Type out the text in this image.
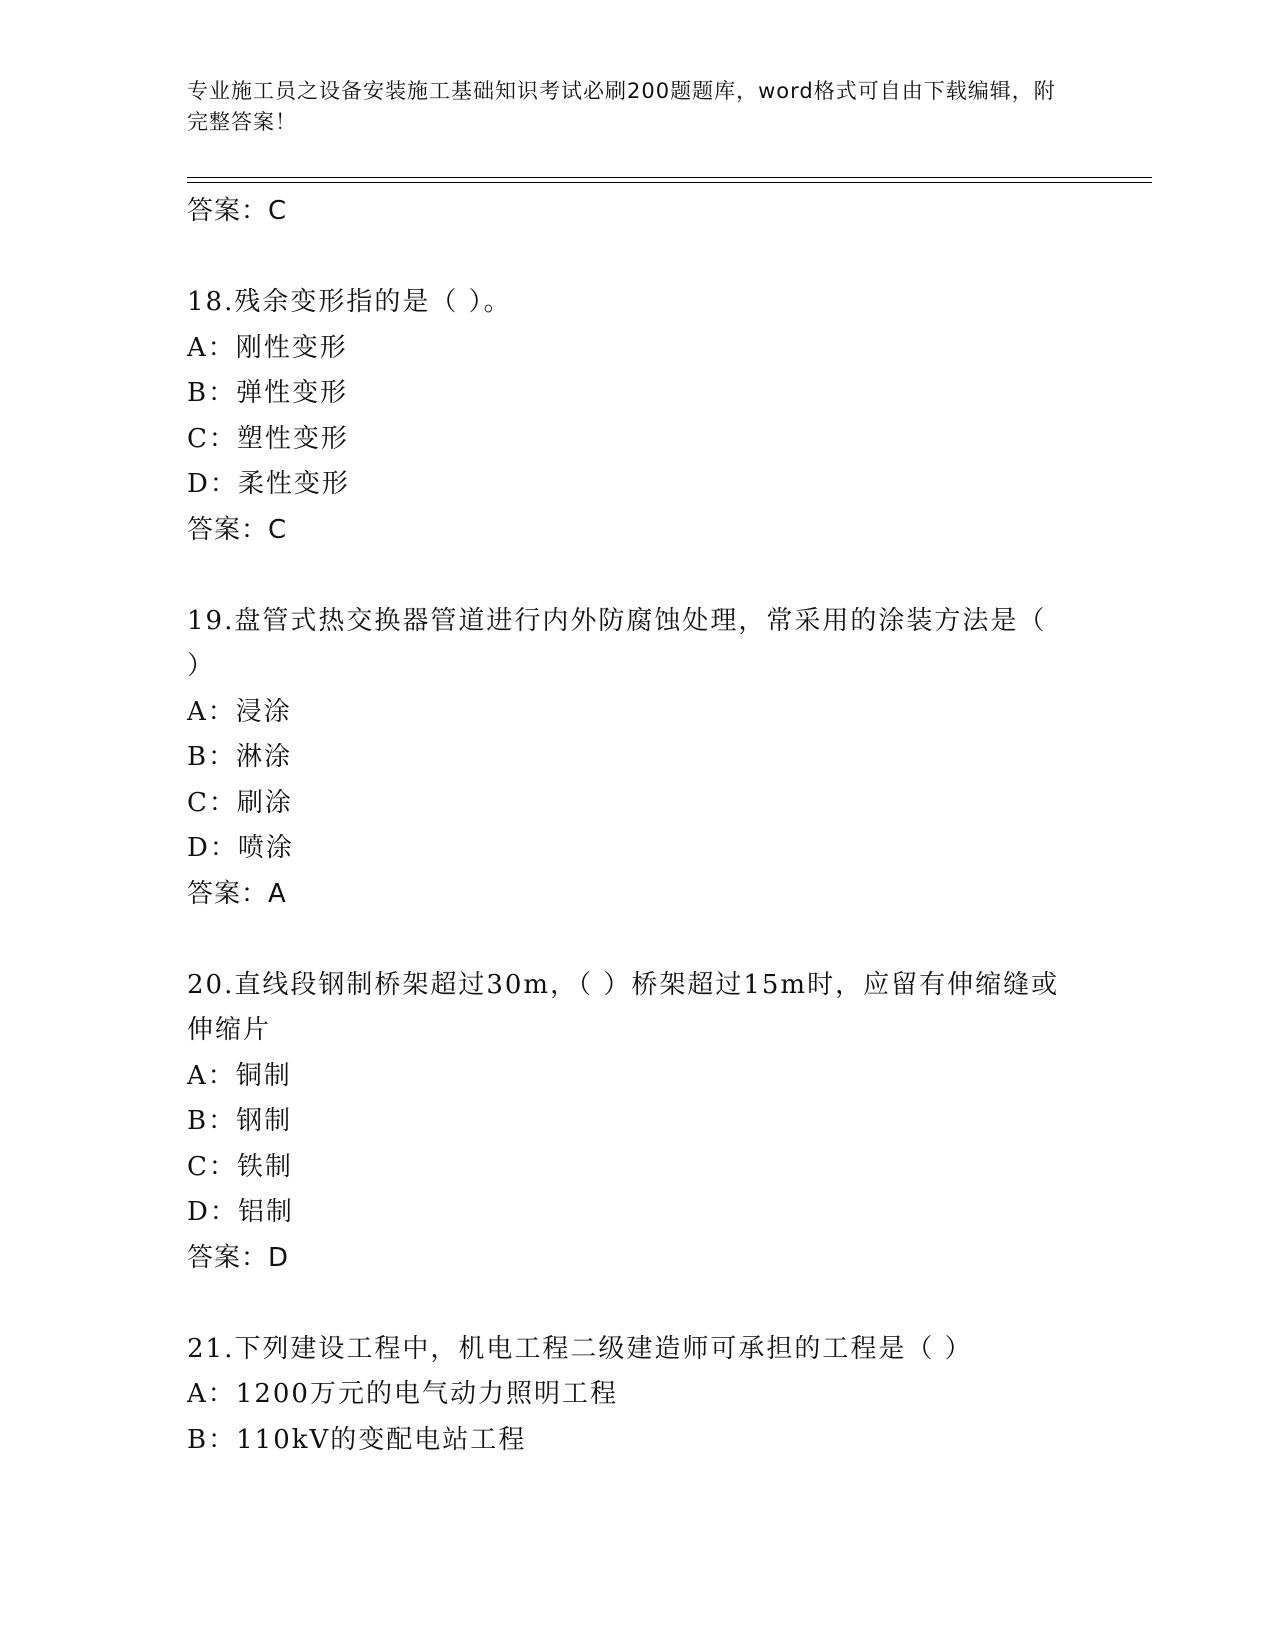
专业施工员之设备安装施工基础知识考试必刷200题题库，word格式可自由下载编辑，附完整答案！
答案：C
18.残余变形指的是（ ）。
A：刚性变形
B：弹性变形
C：塑性变形
D：柔性变形
答案：C
19.盘管式热交换器管道进行内外防腐蚀处理，常采用的涂装方法是（ ）
A：浸涂
B：淋涂
C：刷涂
D：喷涂
答案：A
20.直线段钢制桥架超过30m，（ ）桥架超过15m时，应留有伸缩缝或伸缩片
A：铜制
B：钢制
C：铁制
D：铝制
答案：D
21.下列建设工程中，机电工程二级建造师可承担的工程是（ ）
A：1200万元的电气动力照明工程
B：110kV的变配电站工程
